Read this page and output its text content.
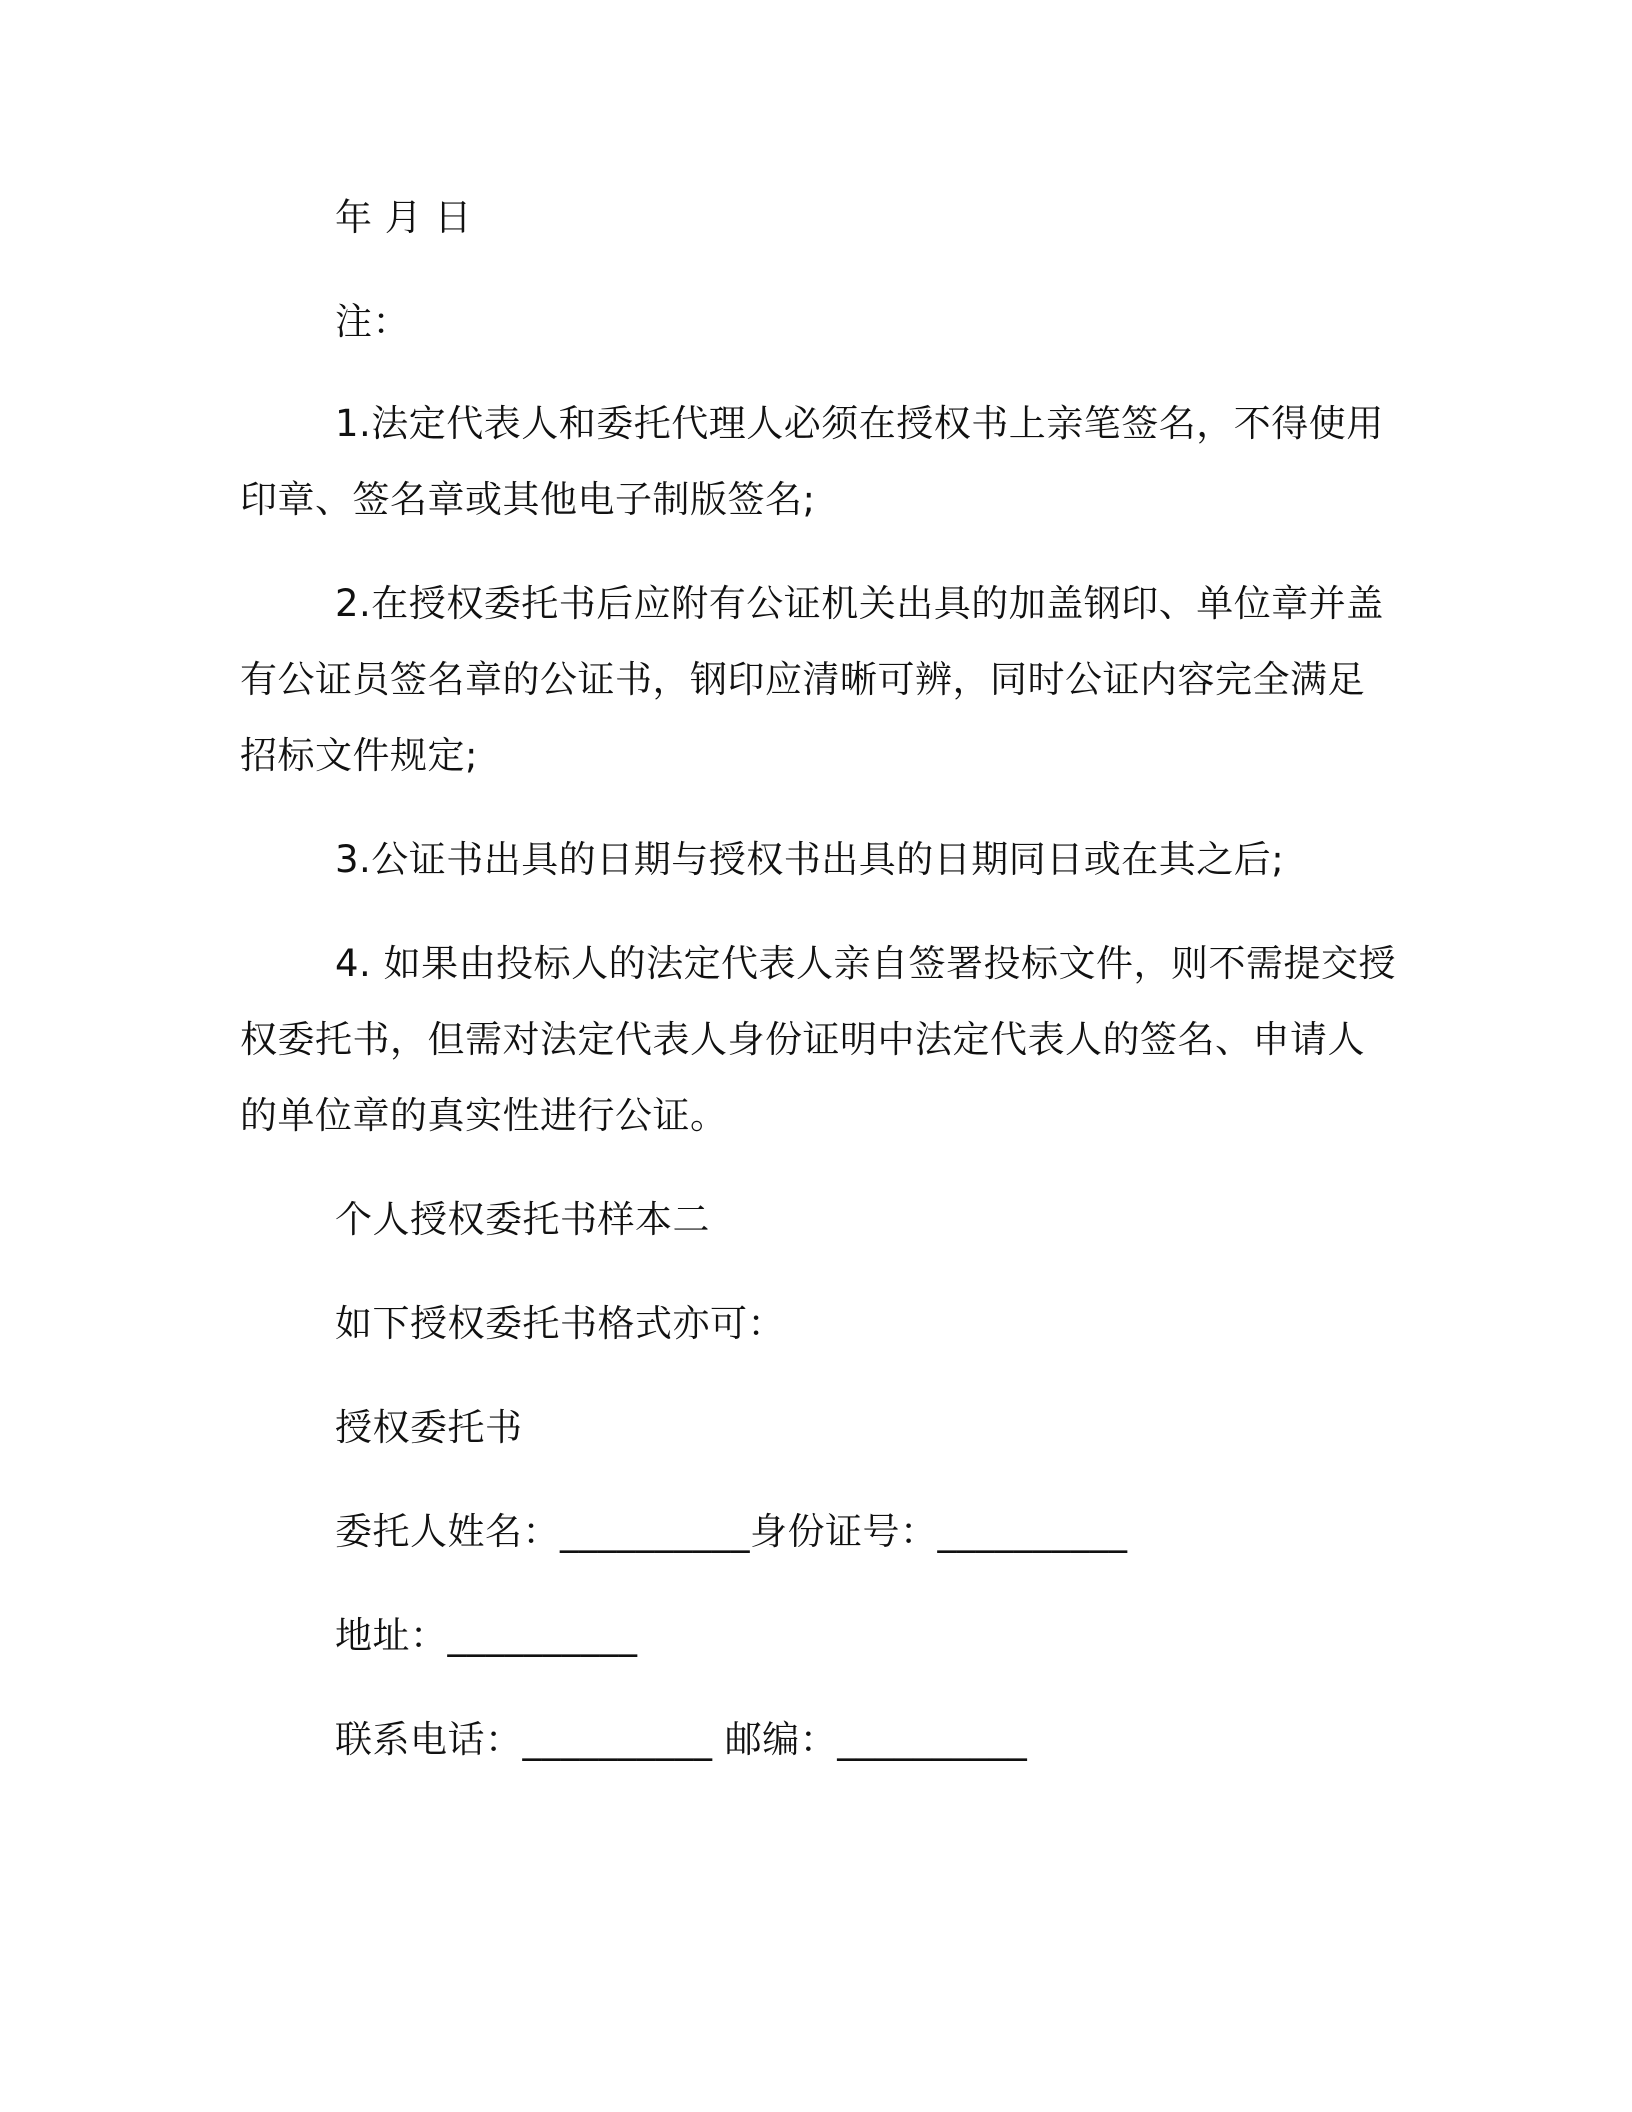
年 月 日
注：
1.法定代表人和委托代理人必须在授权书上亲笔签名，不得使用
印章、签名章或其他电子制版签名;
2.在授权委托书后应附有公证机关出具的加盖钢印、单位章并盖
有公证员签名章的公证书，钢印应清晰可辨，同时公证内容完全满足
招标文件规定;
3.公证书出具的日期与授权书出具的日期同日或在其之后;
4. 如果由投标人的法定代表人亲自签署投标文件，则不需提交授
权委托书，但需对法定代表人身份证明中法定代表人的签名、申请人
的单位章的真实性进行公证。
个人授权委托书样本二
如下授权委托书格式亦可：
授权委托书
委托人姓名：__________身份证号：__________
地址：__________
联系电话：__________ 邮编：__________
